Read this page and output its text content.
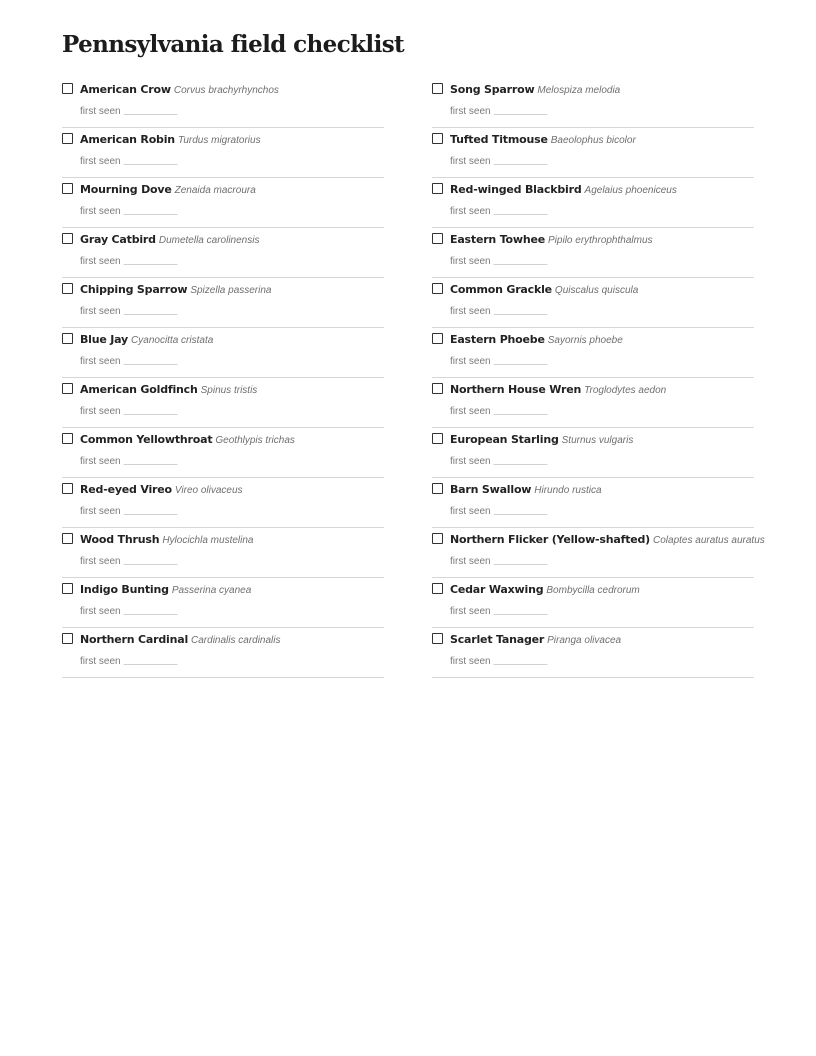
Pennsylvania field checklist
American Crow Corvus brachyrhynchos
first seen ____________
American Robin Turdus migratorius
first seen ____________
Mourning Dove Zenaida macroura
first seen ____________
Gray Catbird Dumetella carolinensis
first seen ____________
Chipping Sparrow Spizella passerina
first seen ____________
Blue Jay Cyanocitta cristata
first seen ____________
American Goldfinch Spinus tristis
first seen ____________
Common Yellowthroat Geothlypis trichas
first seen ____________
Red-eyed Vireo Vireo olivaceus
first seen ____________
Wood Thrush Hylocichla mustelina
first seen ____________
Indigo Bunting Passerina cyanea
first seen ____________
Northern Cardinal Cardinalis cardinalis
first seen ____________
Song Sparrow Melospiza melodia
first seen ____________
Tufted Titmouse Baeolophus bicolor
first seen ____________
Red-winged Blackbird Agelaius phoeniceus
first seen ____________
Eastern Towhee Pipilo erythrophthalmus
first seen ____________
Common Grackle Quiscalus quiscula
first seen ____________
Eastern Phoebe Sayornis phoebe
first seen ____________
Northern House Wren Troglodytes aedon
first seen ____________
European Starling Sturnus vulgaris
first seen ____________
Barn Swallow Hirundo rustica
first seen ____________
Northern Flicker (Yellow-shafted) Colaptes auratus auratus
first seen ____________
Cedar Waxwing Bombycilla cedrorum
first seen ____________
Scarlet Tanager Piranga olivacea
first seen ____________
